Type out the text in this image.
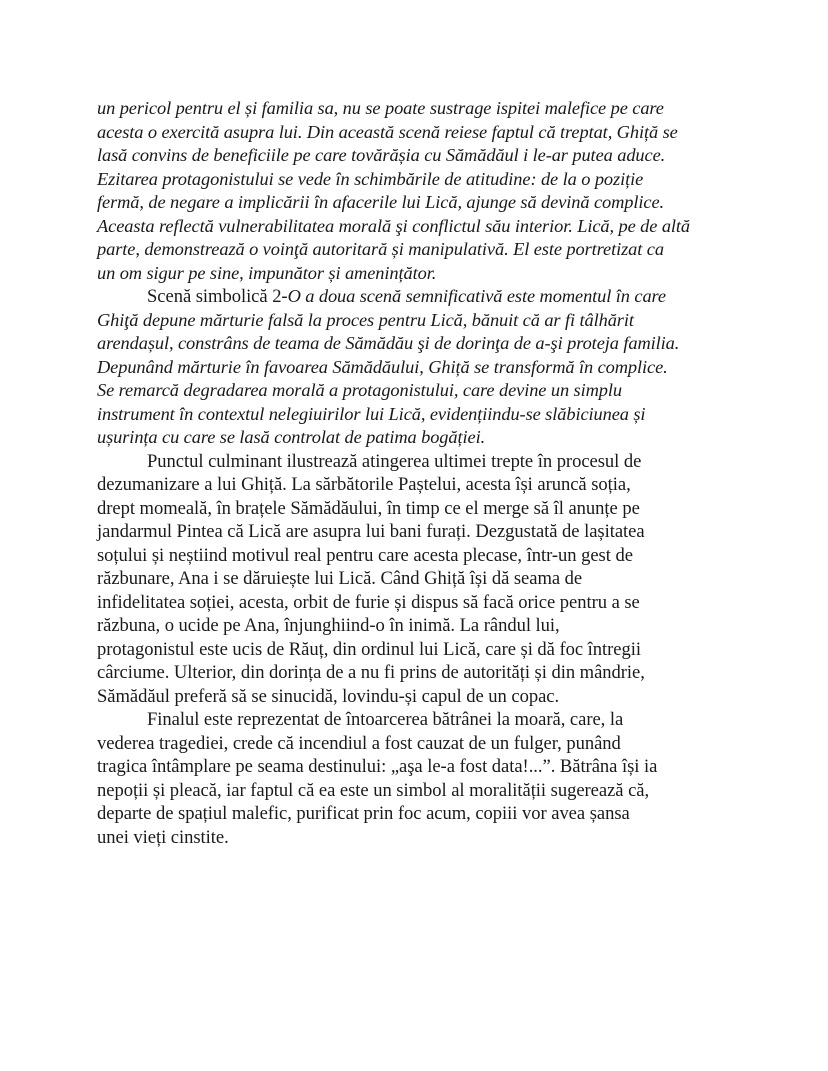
un pericol pentru el și familia sa, nu se poate sustrage ispitei malefice pe care
acesta o exercită asupra lui. Din această scenă reiese faptul că treptat, Ghiță se
lasă convins de beneficiile pe care tovărășia cu Sămădăul i le-ar putea aduce.
Ezitarea protagonistului se vede în schimbările de atitudine: de la o poziție
fermă, de negare a implicării în afacerile lui Lică, ajunge să devină complice.
Aceasta reflectă vulnerabilitatea morală şi conflictul său interior. Lică, pe de altă
parte, demonstrează o voinţă autoritară și manipulativă. El este portretizat ca
un om sigur pe sine, impunător și amenințător.
Scenă simbolică 2-O a doua scenă semnificativă este momentul în care
Ghiţă depune mărturie falsă la proces pentru Lică, bănuit că ar fi tâlhărit
arendașul, constrâns de teama de Sămădău şi de dorinţa de a-şi proteja familia.
Depunând mărturie în favoarea Sămădăului, Ghiță se transformă în complice.
Se remarcă degradarea morală a protagonistului, care devine un simplu
instrument în contextul nelegiuirilor lui Lică, evidențiindu-se slăbiciunea și
ușurința cu care se lasă controlat de patima bogăției.
Punctul culminant ilustrează atingerea ultimei trepte în procesul de
dezumanizare a lui Ghiță. La sărbătorile Paștelui, acesta își aruncă soția,
drept momeală, în brațele Sămădăului, în timp ce el merge să îl anunțe pe
jandarmul Pintea că Lică are asupra lui bani furați. Dezgustată de lașitatea
soțului și neștiind motivul real pentru care acesta plecase, într-un gest de
răzbunare, Ana i se dăruiește lui Lică. Când Ghiță își dă seama de
infidelitatea soției, acesta, orbit de furie și dispus să facă orice pentru a se
răzbuna, o ucide pe Ana, înjunghiind-o în inimă. La rândul lui,
protagonistul este ucis de Răuț, din ordinul lui Lică, care și dă foc întregii
cârciume. Ulterior, din dorința de a nu fi prins de autorități și din mândrie,
Sămădăul preferă să se sinucidă, lovindu-și capul de un copac.
Finalul este reprezentat de întoarcerea bătrânei la moară, care, la
vederea tragediei, crede că incendiul a fost cauzat de un fulger, punând
tragica întâmplare pe seama destinului: „aşa le-a fost data!...”. Bătrâna își ia
nepoții și pleacă, iar faptul că ea este un simbol al moralității sugerează că,
departe de spațiul malefic, purificat prin foc acum, copiii vor avea șansa
unei vieți cinstite.
